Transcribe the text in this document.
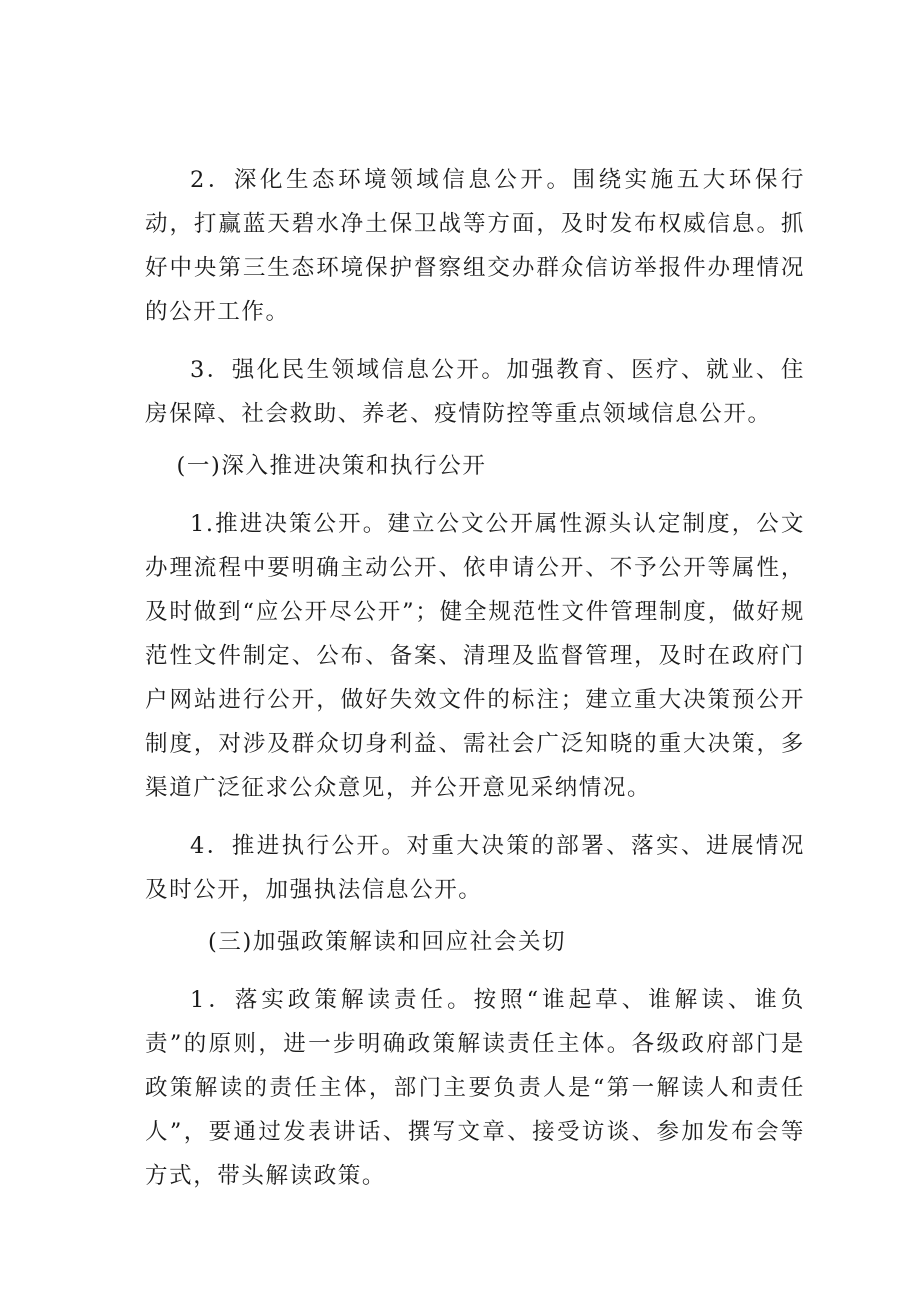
2．深化生态环境领域信息公开。围绕实施五大环保行动，打赢蓝天碧水净土保卫战等方面，及时发布权威信息。抓好中央第三生态环境保护督察组交办群众信访举报件办理情况的公开工作。

3．强化民生领域信息公开。加强教育、医疗、就业、住房保障、社会救助、养老、疫情防控等重点领域信息公开。

(一)深入推进决策和执行公开

1.推进决策公开。建立公文公开属性源头认定制度，公文办理流程中要明确主动公开、依申请公开、不予公开等属性，及时做到“应公开尽公开”；健全规范性文件管理制度，做好规范性文件制定、公布、备案、清理及监督管理，及时在政府门户网站进行公开，做好失效文件的标注；建立重大决策预公开制度，对涉及群众切身利益、需社会广泛知晓的重大决策，多渠道广泛征求公众意见，并公开意见采纳情况。

4．推进执行公开。对重大决策的部署、落实、进展情况及时公开，加强执法信息公开。

(三)加强政策解读和回应社会关切

1．落实政策解读责任。按照“谁起草、谁解读、谁负责”的原则，进一步明确政策解读责任主体。各级政府部门是政策解读的责任主体，部门主要负责人是“第一解读人和责任人”，要通过发表讲话、撰写文章、接受访谈、参加发布会等方式，带头解读政策。
